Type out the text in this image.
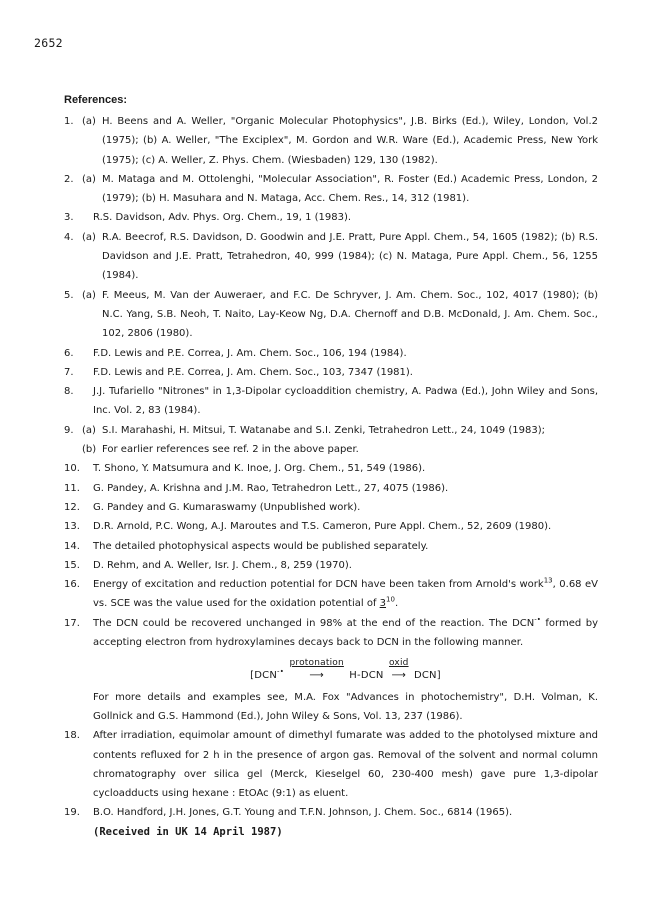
2652
References:
1. (a) H. Beens and A. Weller, "Organic Molecular Photophysics", J.B. Birks (Ed.), Wiley, London, Vol.2 (1975); (b) A. Weller, "The Exciplex", M. Gordon and W.R. Ware (Ed.), Academic Press, New York (1975); (c) A. Weller, Z. Phys. Chem. (Wiesbaden) 129, 130 (1982).
2. (a) M. Mataga and M. Ottolenghi, "Molecular Association", R. Foster (Ed.) Academic Press, London, 2 (1979); (b) H. Masuhara and N. Mataga, Acc. Chem. Res., 14, 312 (1981).
3.	R.S. Davidson, Adv. Phys. Org. Chem., 19, 1 (1983).
4. (a) R.A. Beecrof, R.S. Davidson, D. Goodwin and J.E. Pratt, Pure Appl. Chem., 54, 1605 (1982); (b) R.S. Davidson and J.E. Pratt, Tetrahedron, 40, 999 (1984); (c) N. Mataga, Pure Appl. Chem., 56, 1255 (1984).
5. (a) F. Meeus, M. Van der Auweraer, and F.C. De Schryver, J. Am. Chem. Soc., 102, 4017 (1980); (b) N.C. Yang, S.B. Neoh, T. Naito, Lay-Keow Ng, D.A. Chernoff and D.B. McDonald, J. Am. Chem. Soc., 102, 2806 (1980).
6.	F.D. Lewis and P.E. Correa, J. Am. Chem. Soc., 106, 194 (1984).
7.	F.D. Lewis and P.E. Correa, J. Am. Chem. Soc., 103, 7347 (1981).
8.	J.J. Tufariello "Nitrones" in 1,3-Dipolar cycloaddition chemistry, A. Padwa (Ed.), John Wiley and Sons, Inc. Vol. 2, 83 (1984).
9. (a) S.I. Marahashi, H. Mitsui, T. Watanabe and S.I. Zenki, Tetrahedron Lett., 24, 1049 (1983);
(b) For earlier references see ref. 2 in the above paper.
10.	T. Shono, Y. Matsumura and K. Inoe, J. Org. Chem., 51, 549 (1986).
11.	G. Pandey, A. Krishna and J.M. Rao, Tetrahedron Lett., 27, 4075 (1986).
12.	G. Pandey and G. Kumaraswamy (Unpublished work).
13.	D.R. Arnold, P.C. Wong, A.J. Maroutes and T.S. Cameron, Pure Appl. Chem., 52, 2609 (1980).
14.	The detailed photophysical aspects would be published separately.
15.	D. Rehm, and A. Weller, Isr. J. Chem., 8, 259 (1970).
16.	Energy of excitation and reduction potential for DCN have been taken from Arnold's work$^{13}$, 0.68 eV vs. SCE was the value used for the oxidation potential of $3^{10}$.
17.	The DCN could be recovered unchanged in 98% at the end of the reaction. The DCN-• formed by accepting electron from hydroxylamines decays back to DCN in the following manner.
[DCN-•
protonation
⟶	H-DCN
oxid
⟶ DCN]
For more details and examples see, M.A. Fox "Advances in photochemistry", D.H. Volman, K. Gollnick and G.S. Hammond (Ed.), John Wiley & Sons, Vol. 13, 237 (1986).
18.	After irradiation, equimolar amount of dimethyl fumarate was added to the photolysed mixture and contents refluxed for 2 h in the presence of argon gas. Removal of the solvent and normal column chromatography over silica gel (Merck, Kieselgel 60, 230-400 mesh) gave pure 1,3-dipolar cycloadducts using hexane : EtOAc (9:1) as eluent.
19.	B.O. Handford, J.H. Jones, G.T. Young and T.F.N. Johnson, J. Chem. Soc., 6814 (1965).
(Received in UK 14 April 1987)
